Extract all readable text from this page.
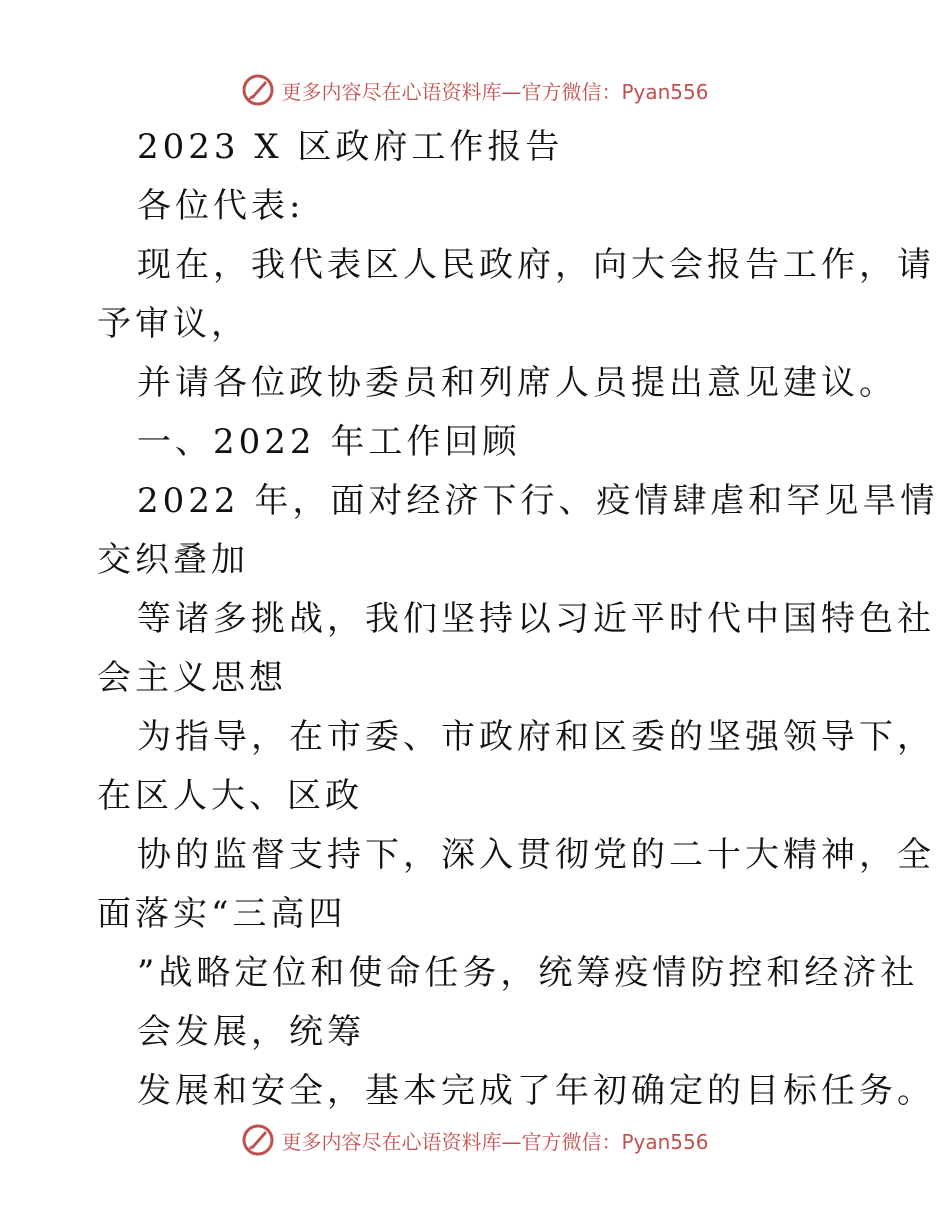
更多内容尽在心语资料库—官方微信：Pyan556
2023 X 区政府工作报告
各位代表:
现在，我代表区人民政府，向大会报告工作，请
予审议，
并请各位政协委员和列席人员提出意见建议。
一、2022 年工作回顾
2022 年，面对经济下行、疫情肆虐和罕见旱情
交织叠加
等诸多挑战，我们坚持以习近平时代中国特色社
会主义思想
为指导，在市委、市政府和区委的坚强领导下，
在区人大、区政
协的监督支持下，深入贯彻党的二十大精神，全
面落实“三高四
”战略定位和使命任务，统筹疫情防控和经济社
会发展，统筹
发展和安全，基本完成了年初确定的目标任务。
更多内容尽在心语资料库—官方微信：Pyan556
